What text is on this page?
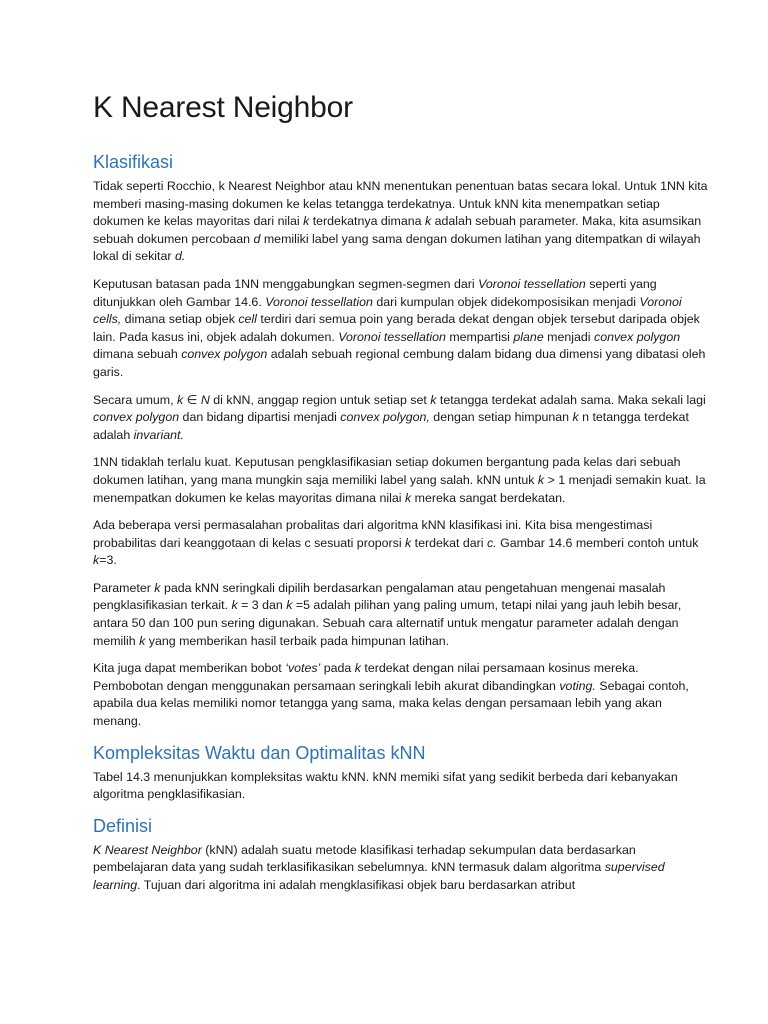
K Nearest Neighbor
Klasifikasi

Tidak seperti Rocchio, k Nearest Neighbor atau kNN menentukan penentuan batas secara lokal. Untuk 1NN kita memberi masing-masing dokumen ke kelas tetangga terdekatnya. Untuk kNN kita menempatkan setiap dokumen ke kelas mayoritas dari nilai k terdekatnya dimana k adalah sebuah parameter. Maka, kita asumsikan sebuah dokumen percobaan d memiliki label yang sama dengan dokumen latihan yang ditempatkan di wilayah lokal di sekitar d.

Keputusan batasan pada 1NN menggabungkan segmen-segmen dari Voronoi tessellation seperti yang ditunjukkan oleh Gambar 14.6. Voronoi tessellation dari kumpulan objek didekomposisikan menjadi Voronoi cells, dimana setiap objek cell terdiri dari semua poin yang berada dekat dengan objek tersebut daripada objek lain. Pada kasus ini, objek adalah dokumen. Voronoi tessellation mempartisi plane menjadi convex polygon dimana sebuah convex polygon adalah sebuah regional cembung dalam bidang dua dimensi yang dibatasi oleh garis.

Secara umum, k ∈ N di kNN, anggap region untuk setiap set k tetangga terdekat adalah sama. Maka sekali lagi convex polygon dan bidang dipartisi menjadi convex polygon, dengan setiap himpunan k n tetangga terdekat adalah invariant.

1NN tidaklah terlalu kuat. Keputusan pengklasifikasian setiap dokumen bergantung pada kelas dari sebuah dokumen latihan, yang mana mungkin saja memiliki label yang salah. kNN untuk k > 1 menjadi semakin kuat. Ia menempatkan dokumen ke kelas mayoritas dimana nilai k mereka sangat berdekatan.

Ada beberapa versi permasalahan probalitas dari algoritma kNN klasifikasi ini. Kita bisa mengestimasi probabilitas dari keanggotaan di kelas c sesuati proporsi k terdekat dari c. Gambar 14.6 memberi contoh untuk k=3.

Parameter k pada kNN seringkali dipilih berdasarkan pengalaman atau pengetahuan mengenai masalah pengklasifikasian terkait. k = 3 dan k =5 adalah pilihan yang paling umum, tetapi nilai yang jauh lebih besar, antara 50 dan 100 pun sering digunakan. Sebuah cara alternatif untuk mengatur parameter adalah dengan memilih k yang memberikan hasil terbaik pada himpunan latihan.

Kita juga dapat memberikan bobot ‘votes’ pada k terdekat dengan nilai persamaan kosinus mereka. Pembobotan dengan menggunakan persamaan seringkali lebih akurat dibandingkan voting. Sebagai contoh, apabila dua kelas memiliki nomor tetangga yang sama, maka kelas dengan persamaan lebih yang akan menang.

Kompleksitas Waktu dan Optimalitas kNN

Tabel 14.3 menunjukkan kompleksitas waktu kNN. kNN memiki sifat yang sedikit berbeda dari kebanyakan algoritma pengklasifikasian.

Definisi

K Nearest Neighbor (kNN) adalah suatu metode klasifikasi terhadap sekumpulan data berdasarkan pembelajaran data yang sudah terklasifikasikan sebelumnya. kNN termasuk dalam algoritma supervised learning. Tujuan dari algoritma ini adalah mengklasifikasi objek baru berdasarkan atribut
